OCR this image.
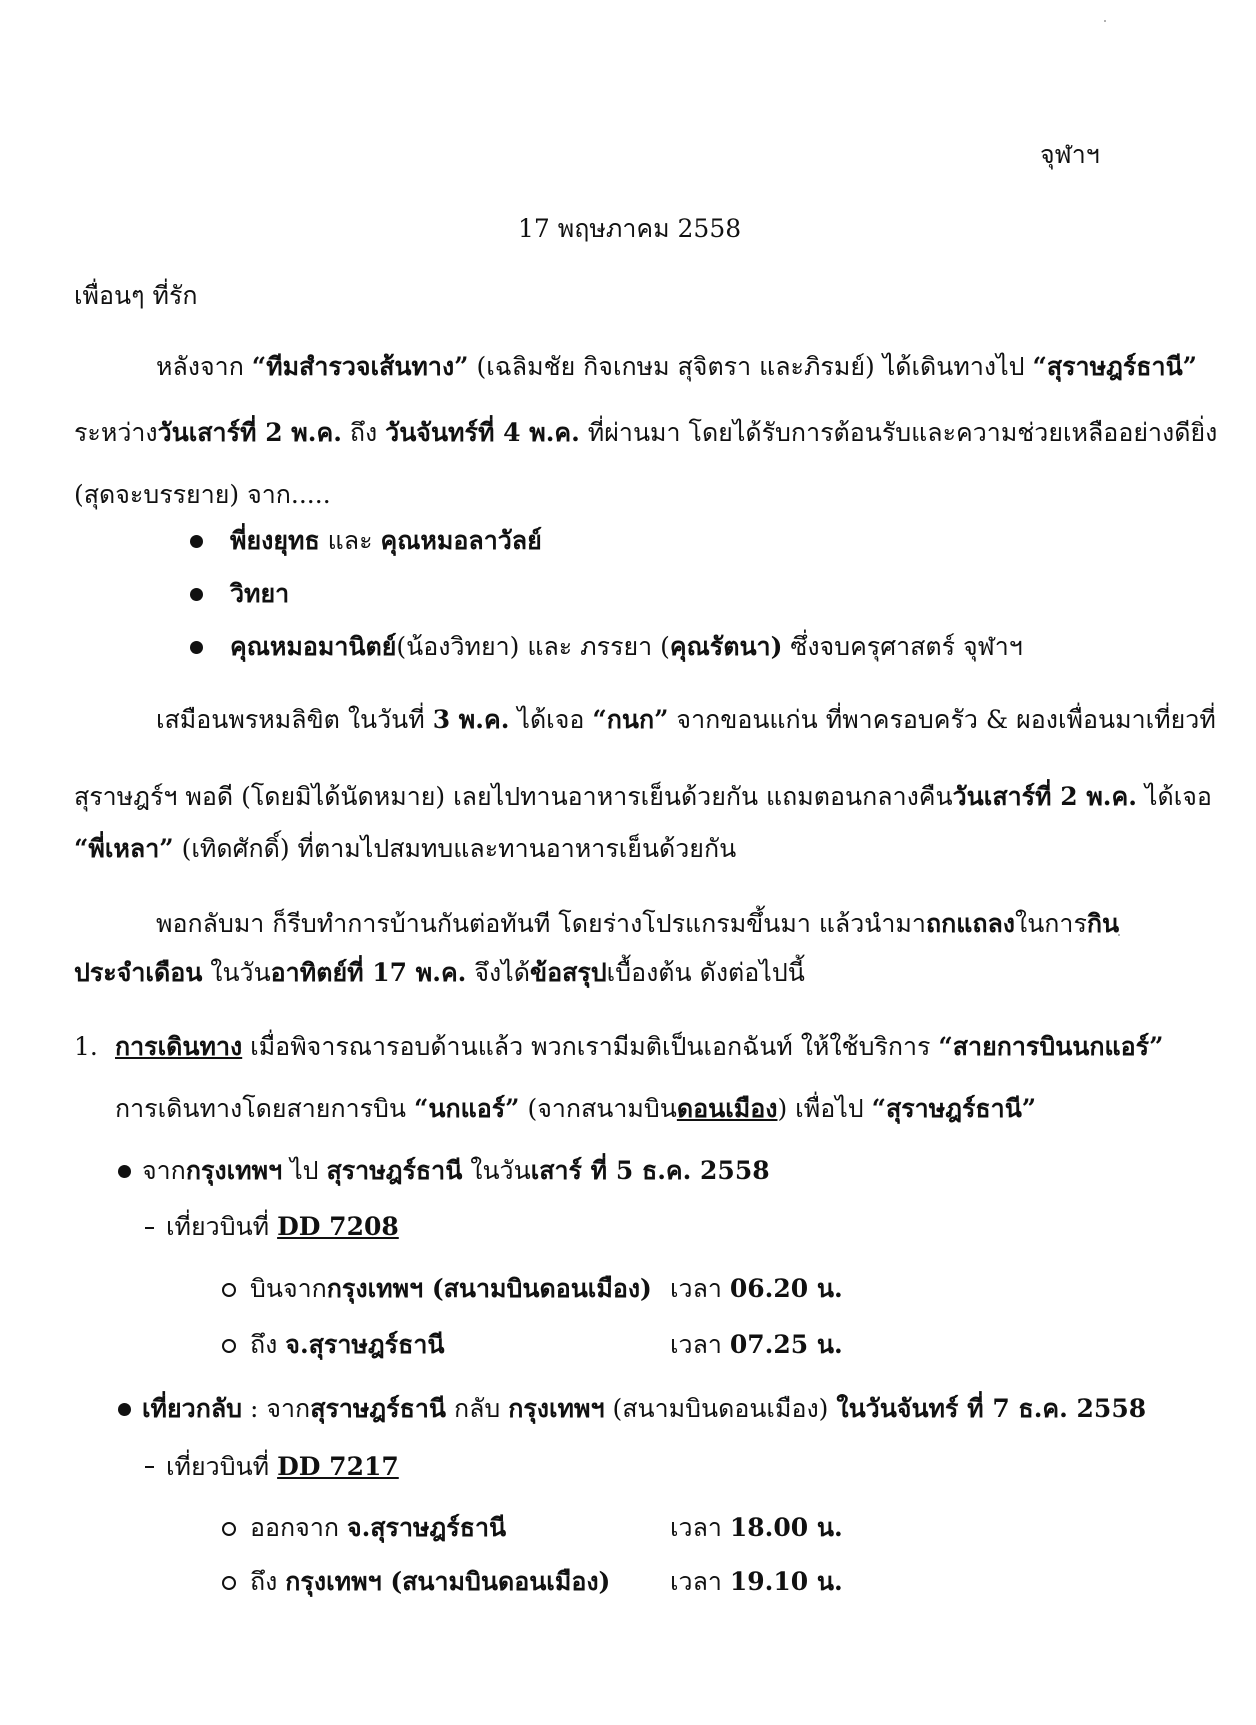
จุฬาฯ
17 พฤษภาคม 2558
เพื่อนๆ ที่รัก
หลังจาก “ทีมสำรวจเส้นทาง” (เฉลิมชัย กิจเกษม สุจิตรา และภิรมย์) ได้เดินทางไป “สุราษฎร์ธานี”
ระหว่างวันเสาร์ที่ 2 พ.ค. ถึง วันจันทร์ที่ 4 พ.ค. ที่ผ่านมา โดยได้รับการต้อนรับและความช่วยเหลืออย่างดียิ่ง
(สุดจะบรรยาย) จาก.....
พี่ยงยุทธ และ คุณหมอลาวัลย์
วิทยา
คุณหมอมานิตย์(น้องวิทยา) และ ภรรยา (คุณรัตนา) ซึ่งจบครุศาสตร์ จุฬาฯ
เสมือนพรหมลิขิต ในวันที่ 3 พ.ค. ได้เจอ “กนก” จากขอนแก่น ที่พาครอบครัว & ผองเพื่อนมาเที่ยวที่
สุราษฎร์ฯ พอดี (โดยมิได้นัดหมาย) เลยไปทานอาหารเย็นด้วยกัน แถมตอนกลางคืนวันเสาร์ที่ 2 พ.ค. ได้เจอ
“พี่เหลา” (เทิดศักดิ์) ที่ตามไปสมทบและทานอาหารเย็นด้วยกัน
พอกลับมา ก็รีบทำการบ้านกันต่อทันที โดยร่างโปรแกรมขึ้นมา แล้วนำมาถกแถลงในการกิน
ประจำเดือน ในวันอาทิตย์ที่ 17 พ.ค. จึงได้ข้อสรุปเบื้องต้น ดังต่อไปนี้
1. การเดินทาง เมื่อพิจารณารอบด้านแล้ว พวกเรามีมติเป็นเอกฉันท์ ให้ใช้บริการ “สายการบินนกแอร์”
การเดินทางโดยสายการบิน “นกแอร์” (จากสนามบินดอนเมือง) เพื่อไป “สุราษฎร์ธานี”
จากกรุงเทพฯ ไป สุราษฎร์ธานี ในวันเสาร์ ที่ 5 ธ.ค. 2558
เที่ยวบินที่ DD 7208
บินจากกรุงเทพฯ (สนามบินดอนเมือง) เวลา 06.20 น.
ถึง จ.สุราษฎร์ธานี	เวลา 07.25 น.
เที่ยวกลับ : จากสุราษฎร์ธานี กลับ กรุงเทพฯ (สนามบินดอนเมือง) ในวันจันทร์ ที่ 7 ธ.ค. 2558
เที่ยวบินที่ DD 7217
ออกจาก จ.สุราษฎร์ธานี	เวลา 18.00 น.
ถึง กรุงเทพฯ (สนามบินดอนเมือง) เวลา 19.10 น.
